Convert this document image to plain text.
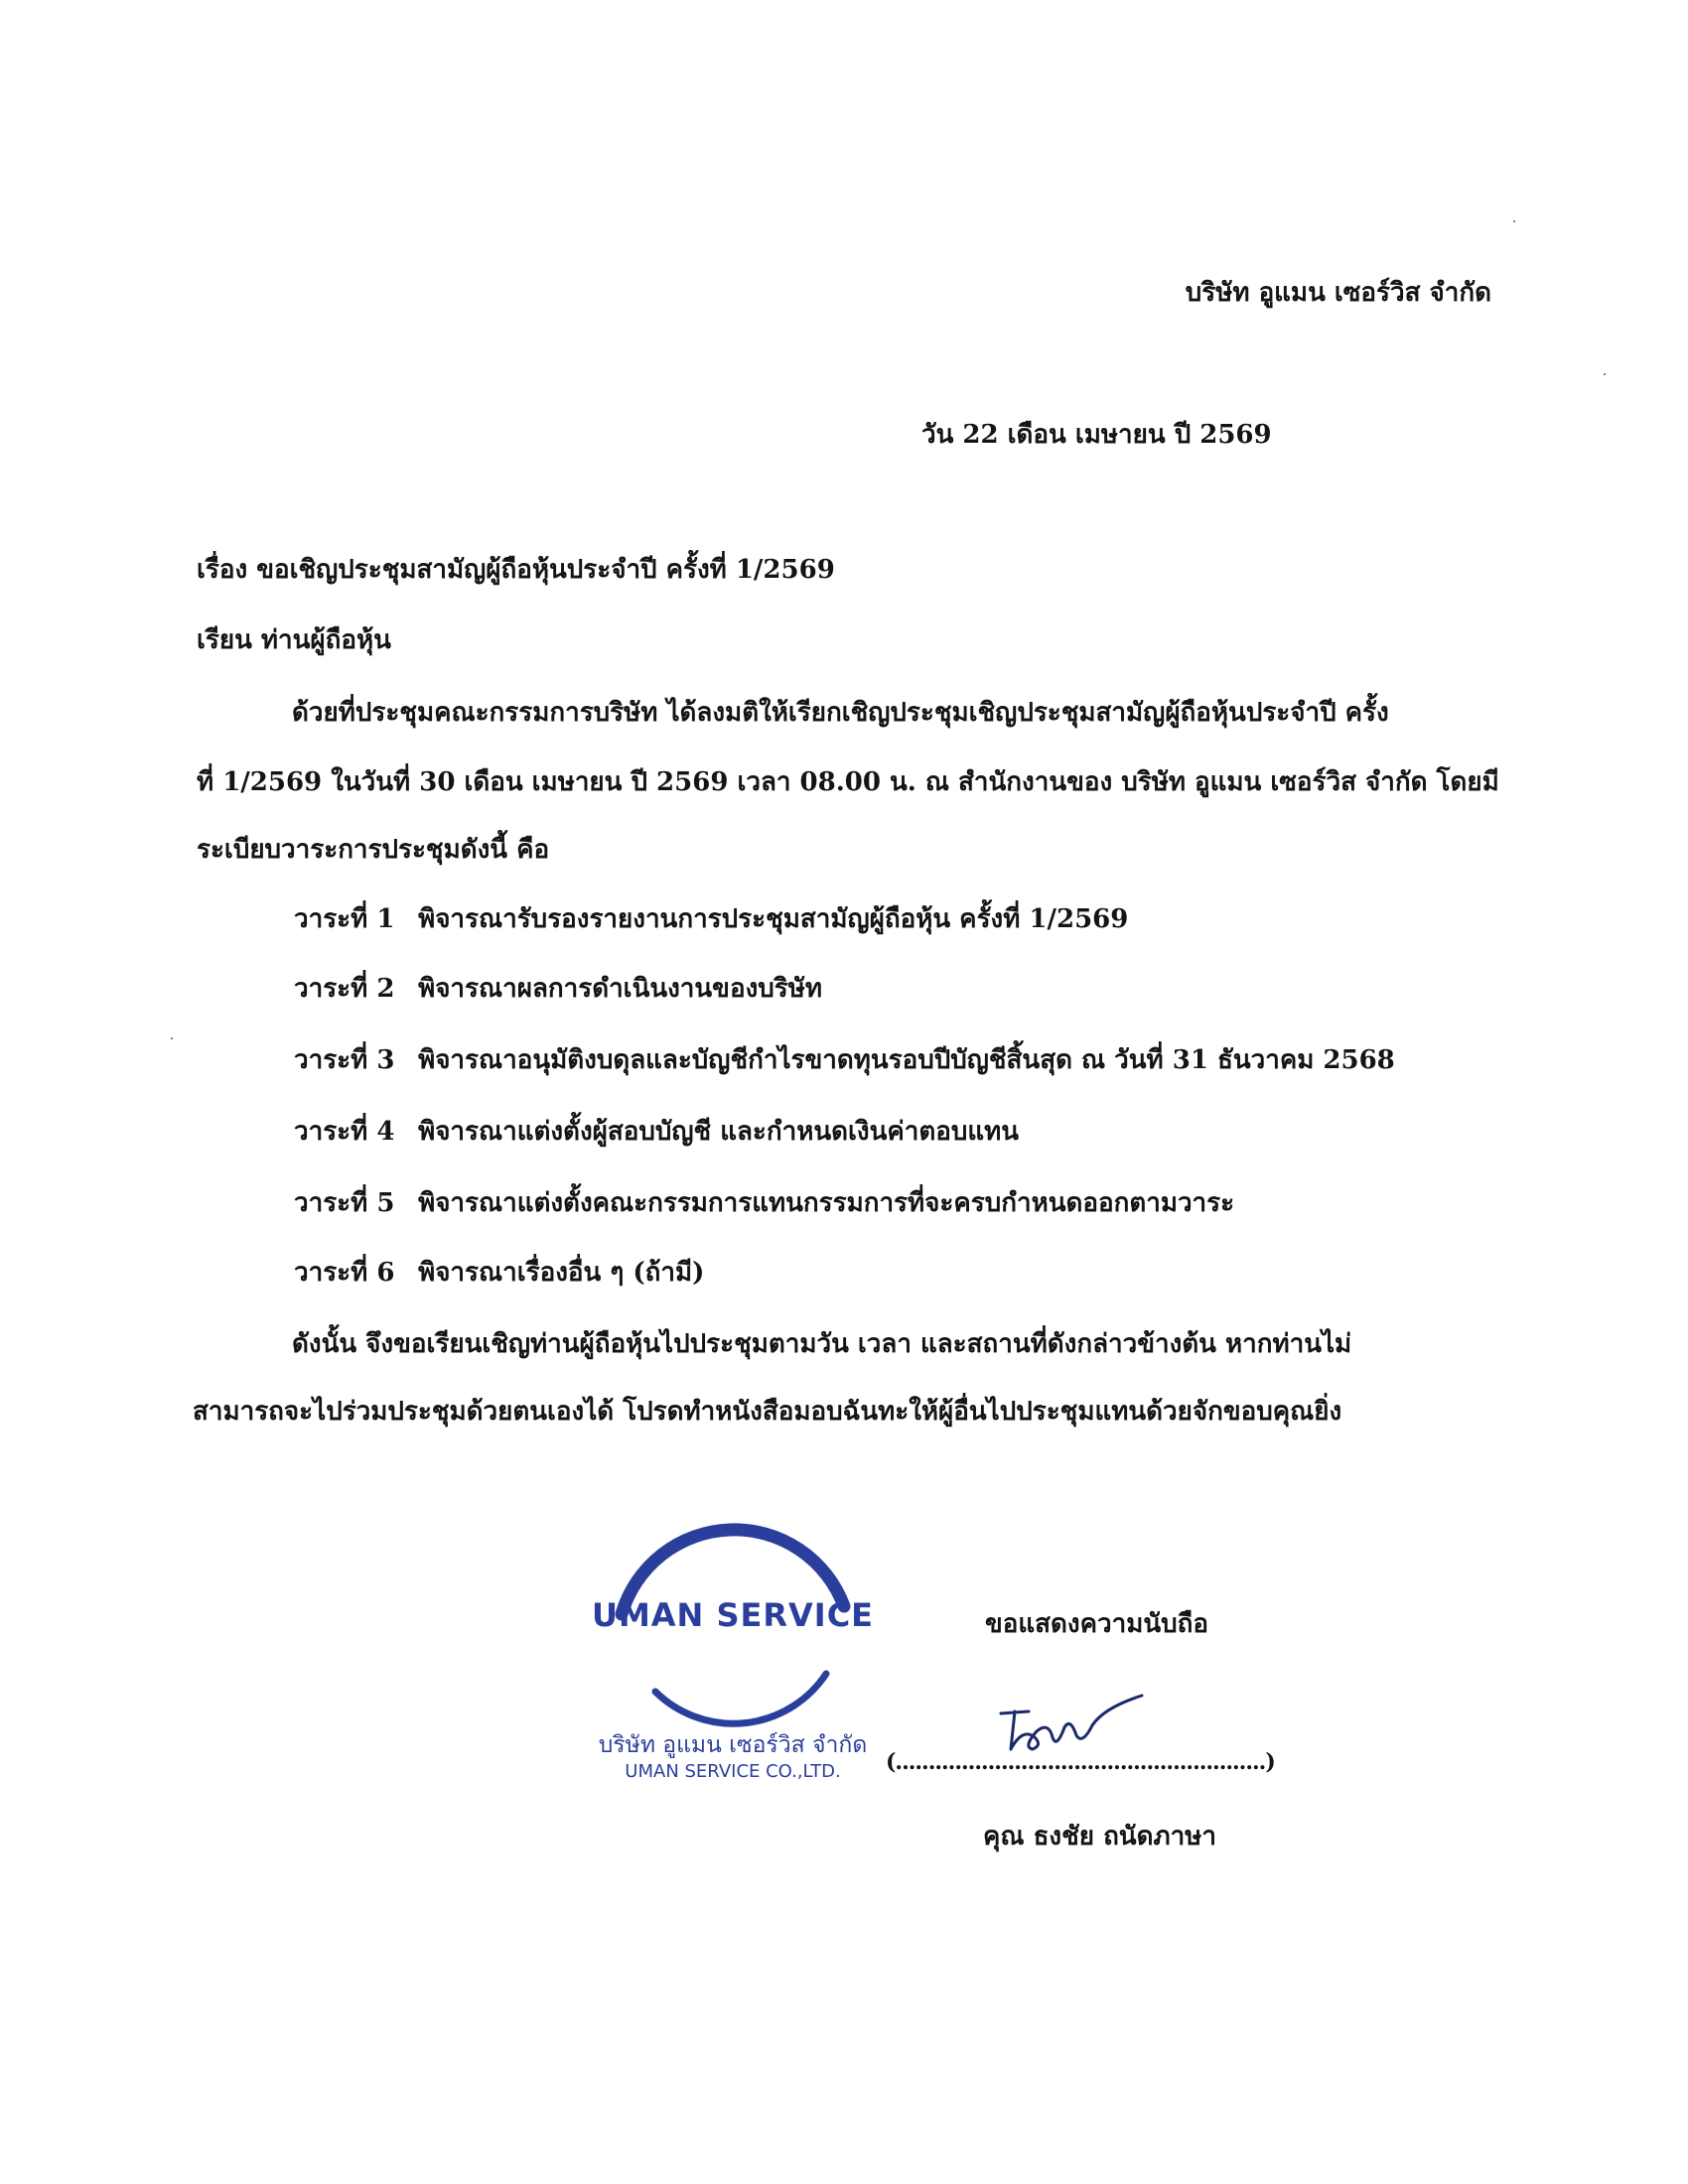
บริษัท อูแมน เซอร์วิส จำกัด
วัน 22 เดือน เมษายน ปี 2569
เรื่อง ขอเชิญประชุมสามัญผู้ถือหุ้นประจำปี ครั้งที่ 1/2569
เรียน ท่านผู้ถือหุ้น
ด้วยที่ประชุมคณะกรรมการบริษัท ได้ลงมติให้เรียกเชิญประชุมเชิญประชุมสามัญผู้ถือหุ้นประจำปี ครั้ง
ที่ 1/2569 ในวันที่ 30 เดือน เมษายน ปี 2569 เวลา 08.00 น. ณ สำนักงานของ บริษัท อูแมน เซอร์วิส จำกัด โดยมี
ระเบียบวาระการประชุมดังนี้ คือ
วาระที่ 1 พิจารณารับรองรายงานการประชุมสามัญผู้ถือหุ้น ครั้งที่ 1/2569
วาระที่ 2 พิจารณาผลการดำเนินงานของบริษัท
วาระที่ 3 พิจารณาอนุมัติงบดุลและบัญชีกำไรขาดทุนรอบปีบัญชีสิ้นสุด ณ วันที่ 31 ธันวาคม 2568
วาระที่ 4 พิจารณาแต่งตั้งผู้สอบบัญชี และกำหนดเงินค่าตอบแทน
วาระที่ 5 พิจารณาแต่งตั้งคณะกรรมการแทนกรรมการที่จะครบกำหนดออกตามวาระ
วาระที่ 6 พิจารณาเรื่องอื่น ๆ (ถ้ามี)
ดังนั้น จึงขอเรียนเชิญท่านผู้ถือหุ้นไปประชุมตามวัน เวลา และสถานที่ดังกล่าวข้างต้น หากท่านไม่
สามารถจะไปร่วมประชุมด้วยตนเองได้ โปรดทำหนังสือมอบฉันทะให้ผู้อื่นไปประชุมแทนด้วยจักขอบคุณยิ่ง
UMAN SERVICE
บริษัท อูแมน เซอร์วิส จำกัด
UMAN SERVICE CO.,LTD.
ขอแสดงความนับถือ
(........................................................)
คุณ ธงชัย ถนัดภาษา
